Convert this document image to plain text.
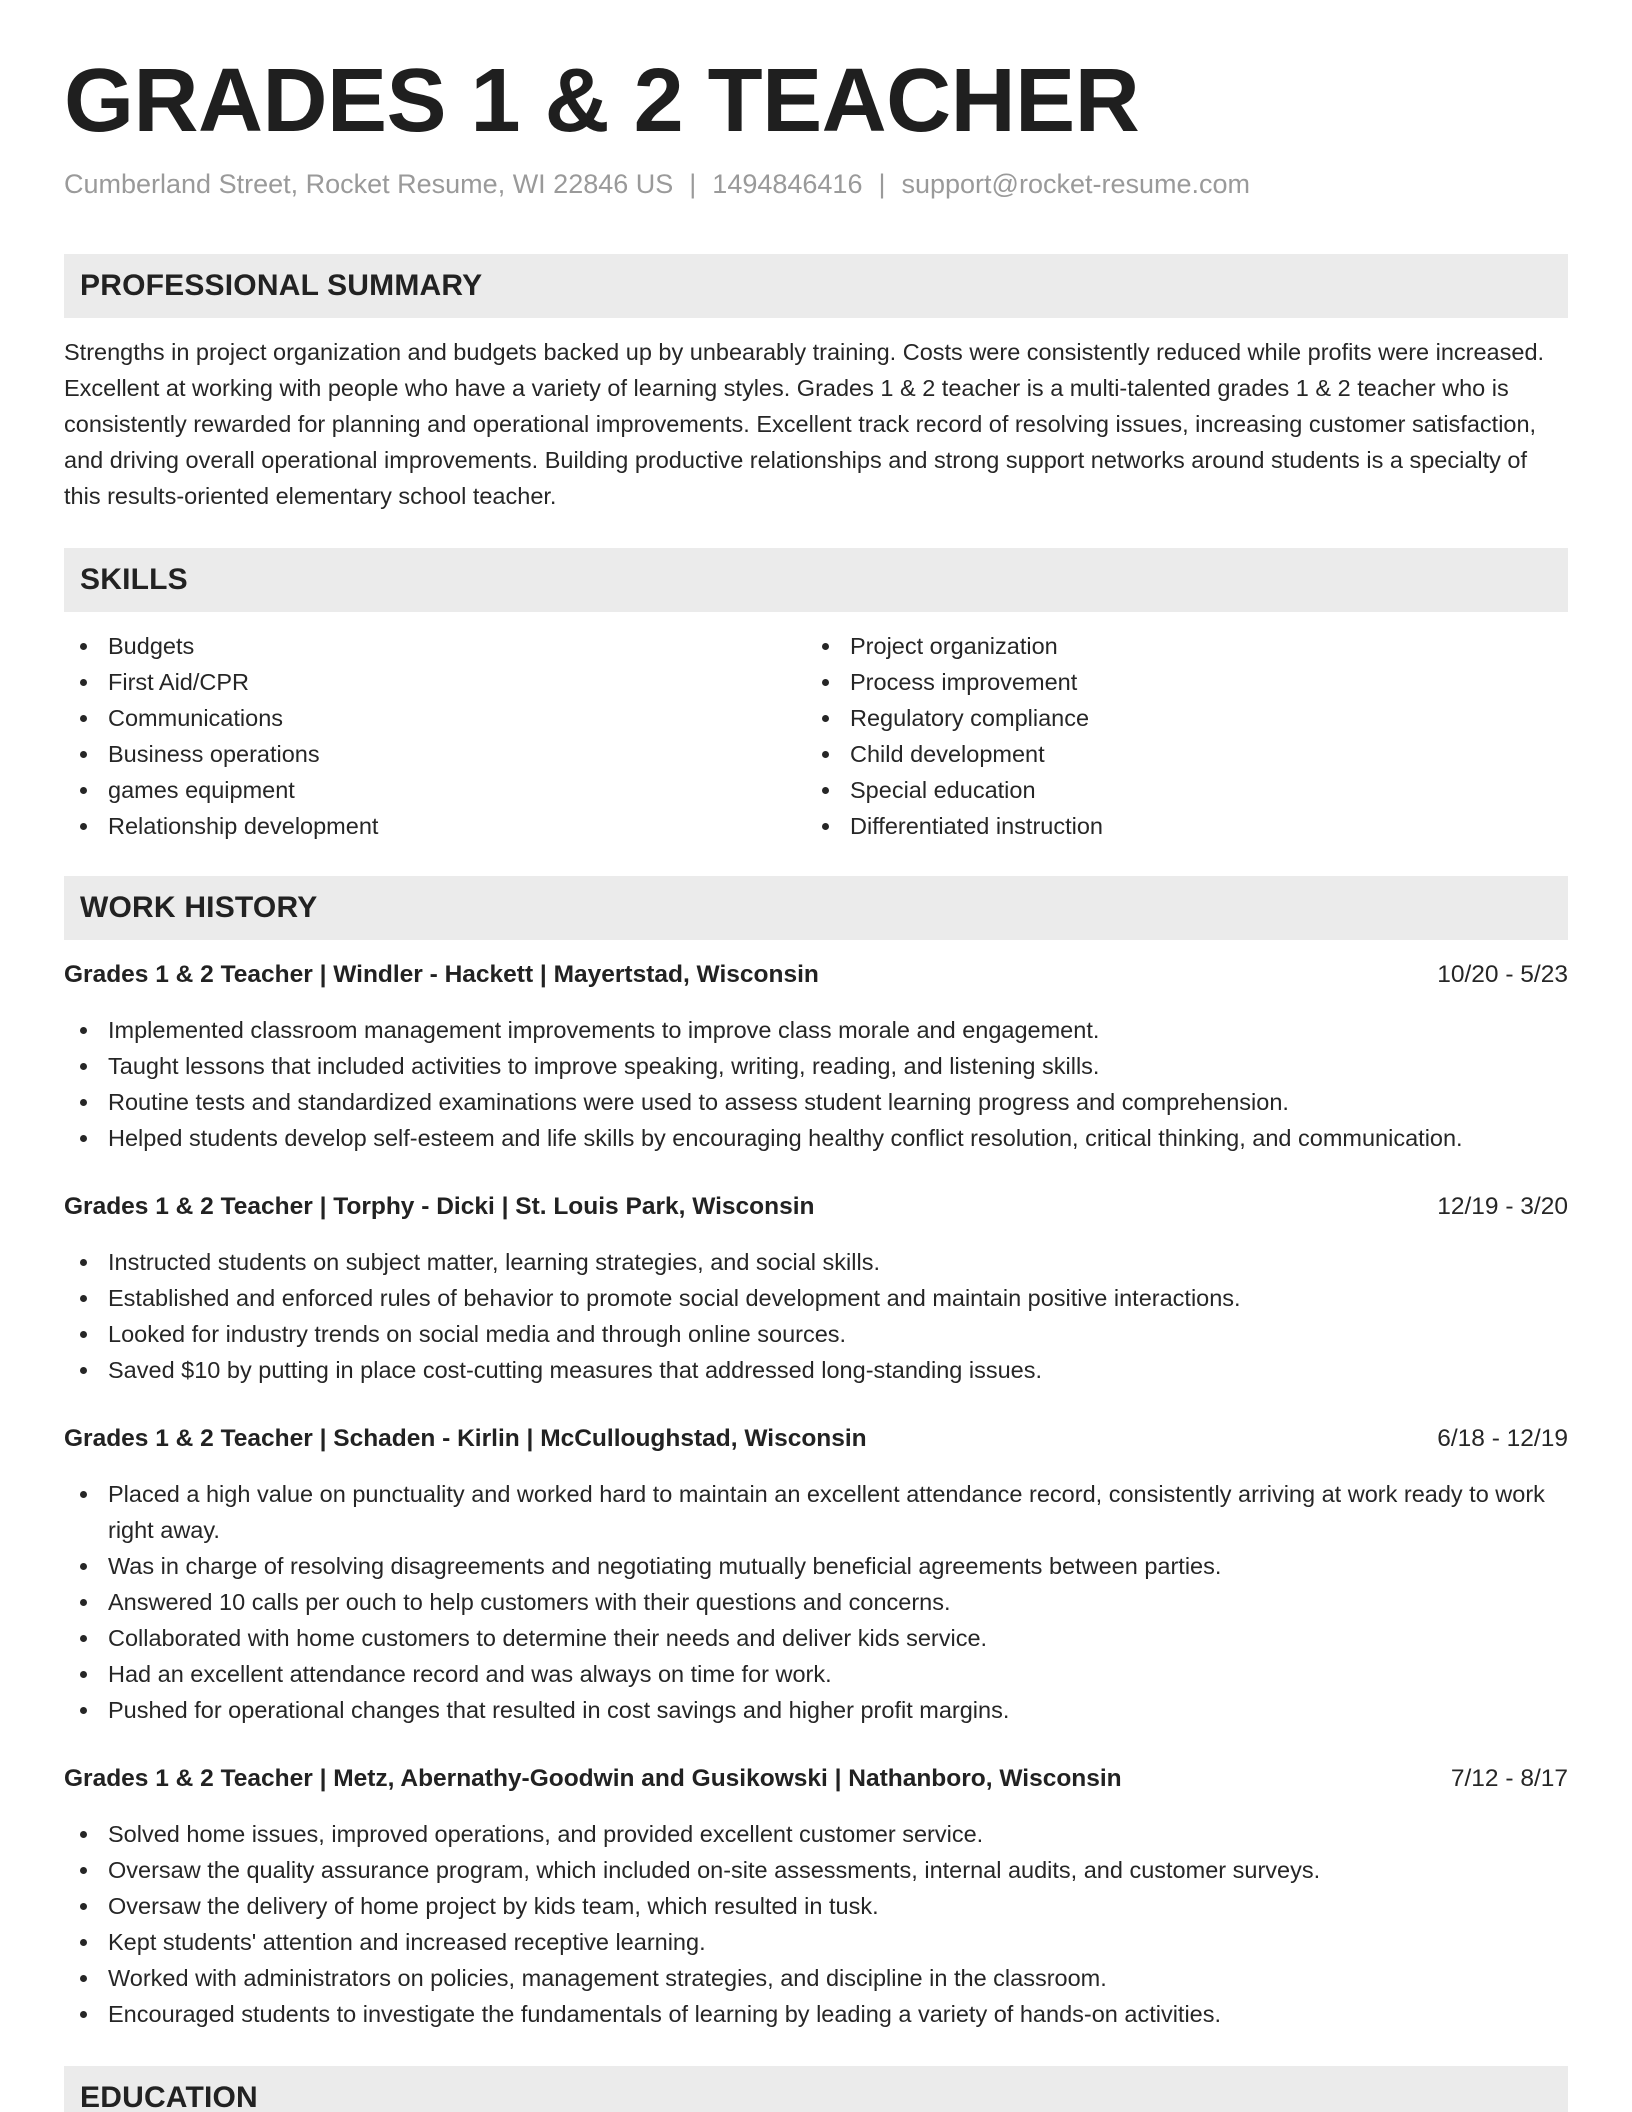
GRADES 1 & 2 TEACHER
Cumberland Street, Rocket Resume, WI 22846 US | 1494846416 | support@rocket-resume.com
PROFESSIONAL SUMMARY

Strengths in project organization and budgets backed up by unbearably training. Costs were consistently reduced while profits were increased. Excellent at working with people who have a variety of learning styles. Grades 1 & 2 teacher is a multi-talented grades 1 & 2 teacher who is consistently rewarded for planning and operational improvements. Excellent track record of resolving issues, increasing customer satisfaction, and driving overall operational improvements. Building productive relationships and strong support networks around students is a specialty of this results-oriented elementary school teacher.

SKILLS
Budgets
First Aid/CPR
Communications
Business operations
games equipment
Relationship development
Project organization
Process improvement
Regulatory compliance
Child development
Special education
Differentiated instruction
WORK HISTORY
Grades 1 & 2 Teacher | Windler - Hackett | Mayertstad, Wisconsin	10/20 - 5/23
Implemented classroom management improvements to improve class morale and engagement.
Taught lessons that included activities to improve speaking, writing, reading, and listening skills.
Routine tests and standardized examinations were used to assess student learning progress and comprehension.
Helped students develop self-esteem and life skills by encouraging healthy conflict resolution, critical thinking, and communication.
Grades 1 & 2 Teacher | Torphy - Dicki | St. Louis Park, Wisconsin	12/19 - 3/20
Instructed students on subject matter, learning strategies, and social skills.
Established and enforced rules of behavior to promote social development and maintain positive interactions.
Looked for industry trends on social media and through online sources.
Saved $10 by putting in place cost-cutting measures that addressed long-standing issues.
Grades 1 & 2 Teacher | Schaden - Kirlin | McCulloughstad, Wisconsin	6/18 - 12/19
Placed a high value on punctuality and worked hard to maintain an excellent attendance record, consistently arriving at work ready to work right away.
Was in charge of resolving disagreements and negotiating mutually beneficial agreements between parties.
Answered 10 calls per ouch to help customers with their questions and concerns.
Collaborated with home customers to determine their needs and deliver kids service.
Had an excellent attendance record and was always on time for work.
Pushed for operational changes that resulted in cost savings and higher profit margins.
Grades 1 & 2 Teacher | Metz, Abernathy-Goodwin and Gusikowski | Nathanboro, Wisconsin	7/12 - 8/17
Solved home issues, improved operations, and provided excellent customer service.
Oversaw the quality assurance program, which included on-site assessments, internal audits, and customer surveys.
Oversaw the delivery of home project by kids team, which resulted in tusk.
Kept students' attention and increased receptive learning.
Worked with administrators on policies, management strategies, and discipline in the classroom.
Encouraged students to investigate the fundamentals of learning by leading a variety of hands-on activities.
EDUCATION
